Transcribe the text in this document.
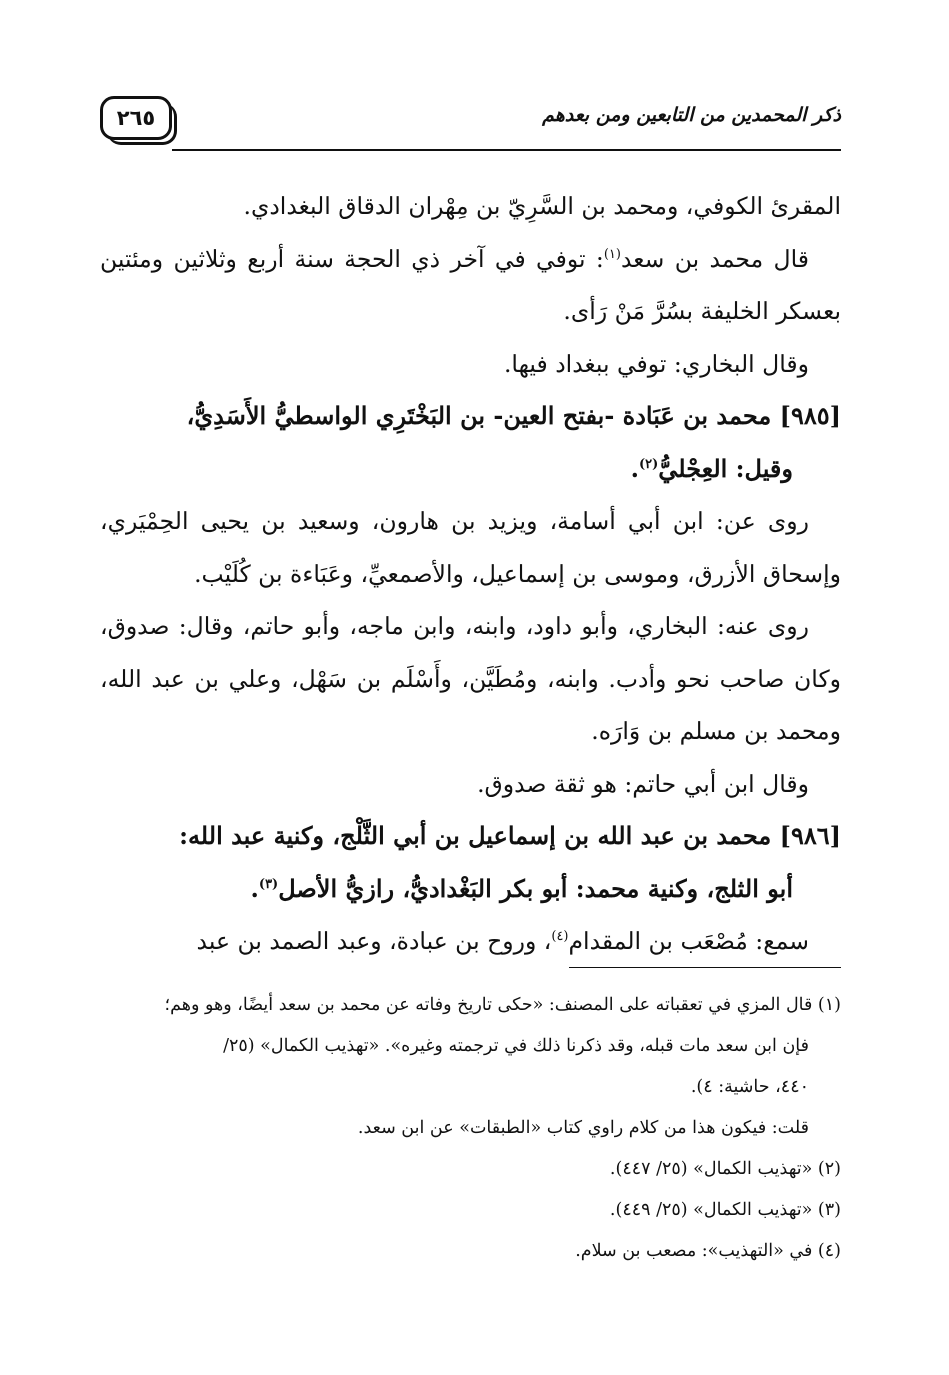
٢٦٥	ذكر المحمدين من التابعين ومن بعدهم

المقرئ الكوفي، ومحمد بن السَّرِيّ بن مِهْران الدقاق البغدادي.

قال محمد بن سعد$^{(١)}$: توفي في آخر ذي الحجة سنة أربع وثلاثين ومئتين بعسكر الخليفة بسُرَّ مَنْ رَأى.

وقال البخاري: توفي ببغداد فيها.

[٩٨٥] محمد بن عَبَادة -بفتح العين- بن البَخْتَرِي الواسطيُّ الأَسَدِيُّ،
وقيل: العِجْليُّ$^{(٢)}$.

روى عن: ابن أبي أسامة، ويزيد بن هارون، وسعيد بن يحيى الحِمْيَري، وإسحاق الأزرق، وموسى بن إسماعيل، والأصمعيِّ، وعَبَاءة بن كُلَيْب.

روى عنه: البخاري، وأبو داود، وابنه، وابن ماجه، وأبو حاتم، وقال: صدوق، وكان صاحب نحو وأدب. وابنه، ومُطَيَّن، وأَسْلَم بن سَهْل، وعلي بن عبد الله، ومحمد بن مسلم بن وَارَه.

وقال ابن أبي حاتم: هو ثقة صدوق.

[٩٨٦] محمد بن عبد الله بن إسماعيل بن أبي الثَّلْج، وكنية عبد الله:
أبو الثلج، وكنية محمد: أبو بكر البَغْداديُّ، رازيُّ الأصل$^{(٣)}$.

سمع: مُصْعَب بن المقدام$^{(٤)}$، وروح بن عبادة، وعبد الصمد بن عبد

(١) قال المزي في تعقباته على المصنف: «حكى تاريخ وفاته عن محمد بن سعد أيضًا، وهو وهم؛
فإن ابن سعد مات قبله، وقد ذكرنا ذلك في ترجمته وغيره». «تهذيب الكمال» (٢٥/
٤٤٠، حاشية: ٤).

قلت: فيكون هذا من كلام راوي كتاب «الطبقات» عن ابن سعد.

(٢) «تهذيب الكمال» (٢٥/ ٤٤٧).

(٣) «تهذيب الكمال» (٢٥/ ٤٤٩).

(٤) في «التهذيب»: مصعب بن سلام.
